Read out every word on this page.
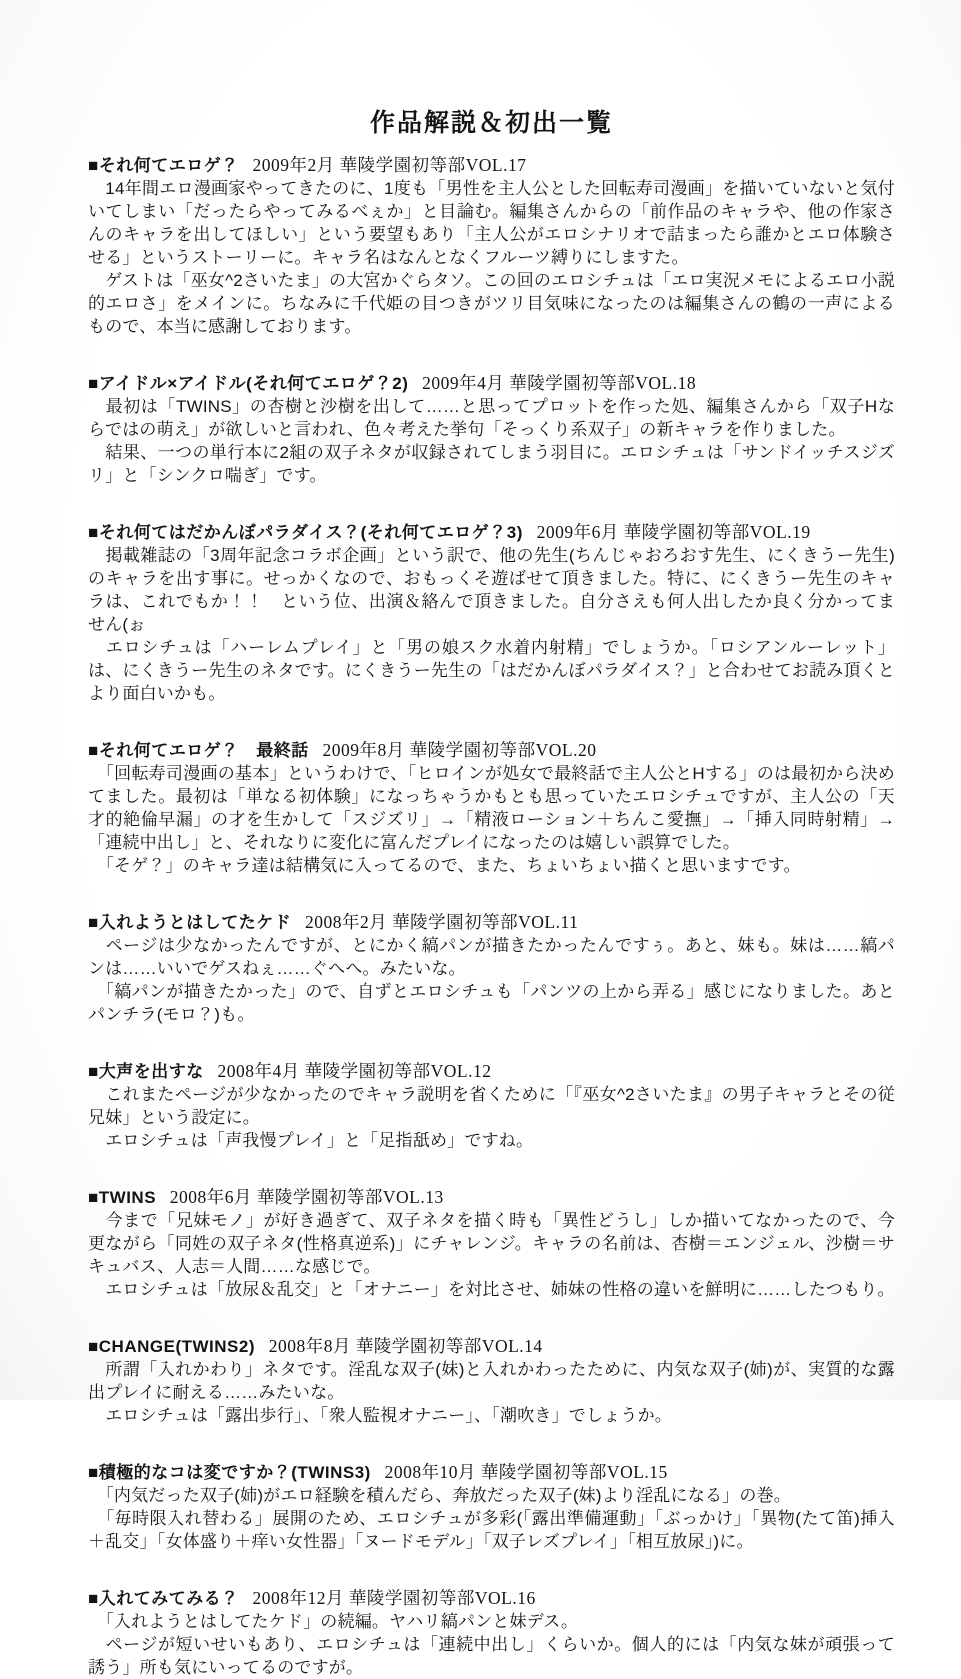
作品解説＆初出一覧
■それ何てエロゲ？ 2009年2月 華陵学園初等部VOL.17

　14年間エロ漫画家やってきたのに、1度も「男性を主人公とした回転寿司漫画」を描いていないと気付いてしまい「だったらやってみるべぇか」と目論む。編集さんからの「前作品のキャラや、他の作家さんのキャラを出してほしい」という要望もあり「主人公がエロシナリオで詰まったら誰かとエロ体験させる」というストーリーに。キャラ名はなんとなくフルーツ縛りにしますた。

　ゲストは「巫女^2さいたま」の大宮かぐらタソ。この回のエロシチュは「エロ実況メモによるエロ小説的エロさ」をメインに。ちなみに千代姫の目つきがツリ目気味になったのは編集さんの鶴の一声によるもので、本当に感謝しております。

■アイドル×アイドル(それ何てエロゲ？2) 2009年4月 華陵学園初等部VOL.18

　最初は「TWINS」の杏樹と沙樹を出して……と思ってプロットを作った処、編集さんから「双子Hならではの萌え」が欲しいと言われ、色々考えた挙句「そっくり系双子」の新キャラを作りました。

　結果、一つの単行本に2組の双子ネタが収録されてしまう羽目に。エロシチュは「サンドイッチスジズリ」と「シンクロ喘ぎ」です。

■それ何てはだかんぼパラダイス？(それ何てエロゲ？3) 2009年6月 華陵学園初等部VOL.19

　掲載雑誌の「3周年記念コラボ企画」という訳で、他の先生(ちんじゃおろおす先生、にくきうー先生)のキャラを出す事に。せっかくなので、おもっくそ遊ばせて頂きました。特に、にくきうー先生のキャラは、これでもか！！　という位、出演＆絡んで頂きました。自分さえも何人出したか良く分かってません(ぉ

　エロシチュは「ハーレムプレイ」と「男の娘スク水着内射精」でしょうか。「ロシアンルーレット」は、にくきうー先生のネタです。にくきうー先生の「はだかんぼパラダイス？」と合わせてお読み頂くとより面白いかも。

■それ何てエロゲ？　最終話 2009年8月 華陵学園初等部VOL.20

　「回転寿司漫画の基本」というわけで、「ヒロインが処女で最終話で主人公とHする」のは最初から決めてました。最初は「単なる初体験」になっちゃうかもとも思っていたエロシチュですが、主人公の「天才的絶倫早漏」の才を生かして「スジズリ」→「精液ローション＋ちんこ愛撫」→「挿入同時射精」→「連続中出し」と、それなりに変化に富んだプレイになったのは嬉しい誤算でした。

　「そゲ？」のキャラ達は結構気に入ってるので、また、ちょいちょい描くと思いますです。

■入れようとはしてたケド 2008年2月 華陵学園初等部VOL.11

　ページは少なかったんですが、とにかく縞パンが描きたかったんですぅ。あと、妹も。妹は……縞パンは……いいでゲスねぇ……ぐへへ。みたいな。

　「縞パンが描きたかった」ので、自ずとエロシチュも「パンツの上から弄る」感じになりました。あとパンチラ(モロ？)も。

■大声を出すな 2008年4月 華陵学園初等部VOL.12

　これまたページが少なかったのでキャラ説明を省くために「『巫女^2さいたま』の男子キャラとその従兄妹」という設定に。

　エロシチュは「声我慢プレイ」と「足指舐め」ですね。

■TWINS 2008年6月 華陵学園初等部VOL.13

　今まで「兄妹モノ」が好き過ぎて、双子ネタを描く時も「異性どうし」しか描いてなかったので、今更ながら「同姓の双子ネタ(性格真逆系)」にチャレンジ。キャラの名前は、杏樹＝エンジェル、沙樹＝サキュバス、人志＝人間……な感じで。

　エロシチュは「放尿＆乱交」と「オナニー」を対比させ、姉妹の性格の違いを鮮明に……したつもり。

■CHANGE(TWINS2) 2008年8月 華陵学園初等部VOL.14

　所謂「入れかわり」ネタです。淫乱な双子(妹)と入れかわったために、内気な双子(姉)が、実質的な露出プレイに耐える……みたいな。

　エロシチュは「露出歩行」、「衆人監視オナニー」、「潮吹き」でしょうか。

■積極的なコは変ですか？(TWINS3) 2008年10月 華陵学園初等部VOL.15

　「内気だった双子(姉)がエロ経験を積んだら、奔放だった双子(妹)より淫乱になる」の巻。

　「毎時限入れ替わる」展開のため、エロシチュが多彩(「露出準備運動」「ぶっかけ」「異物(たて笛)挿入＋乱交」「女体盛り＋痒い女性器」「ヌードモデル」「双子レズプレイ」「相互放尿」)に。

■入れてみてみる？ 2008年12月 華陵学園初等部VOL.16

　「入れようとはしてたケド」の続編。ヤハリ縞パンと妹デス。

　ページが短いせいもあり、エロシチュは「連続中出し」くらいか。個人的には「内気な妹が頑張って誘う」所も気にいってるのですが。
